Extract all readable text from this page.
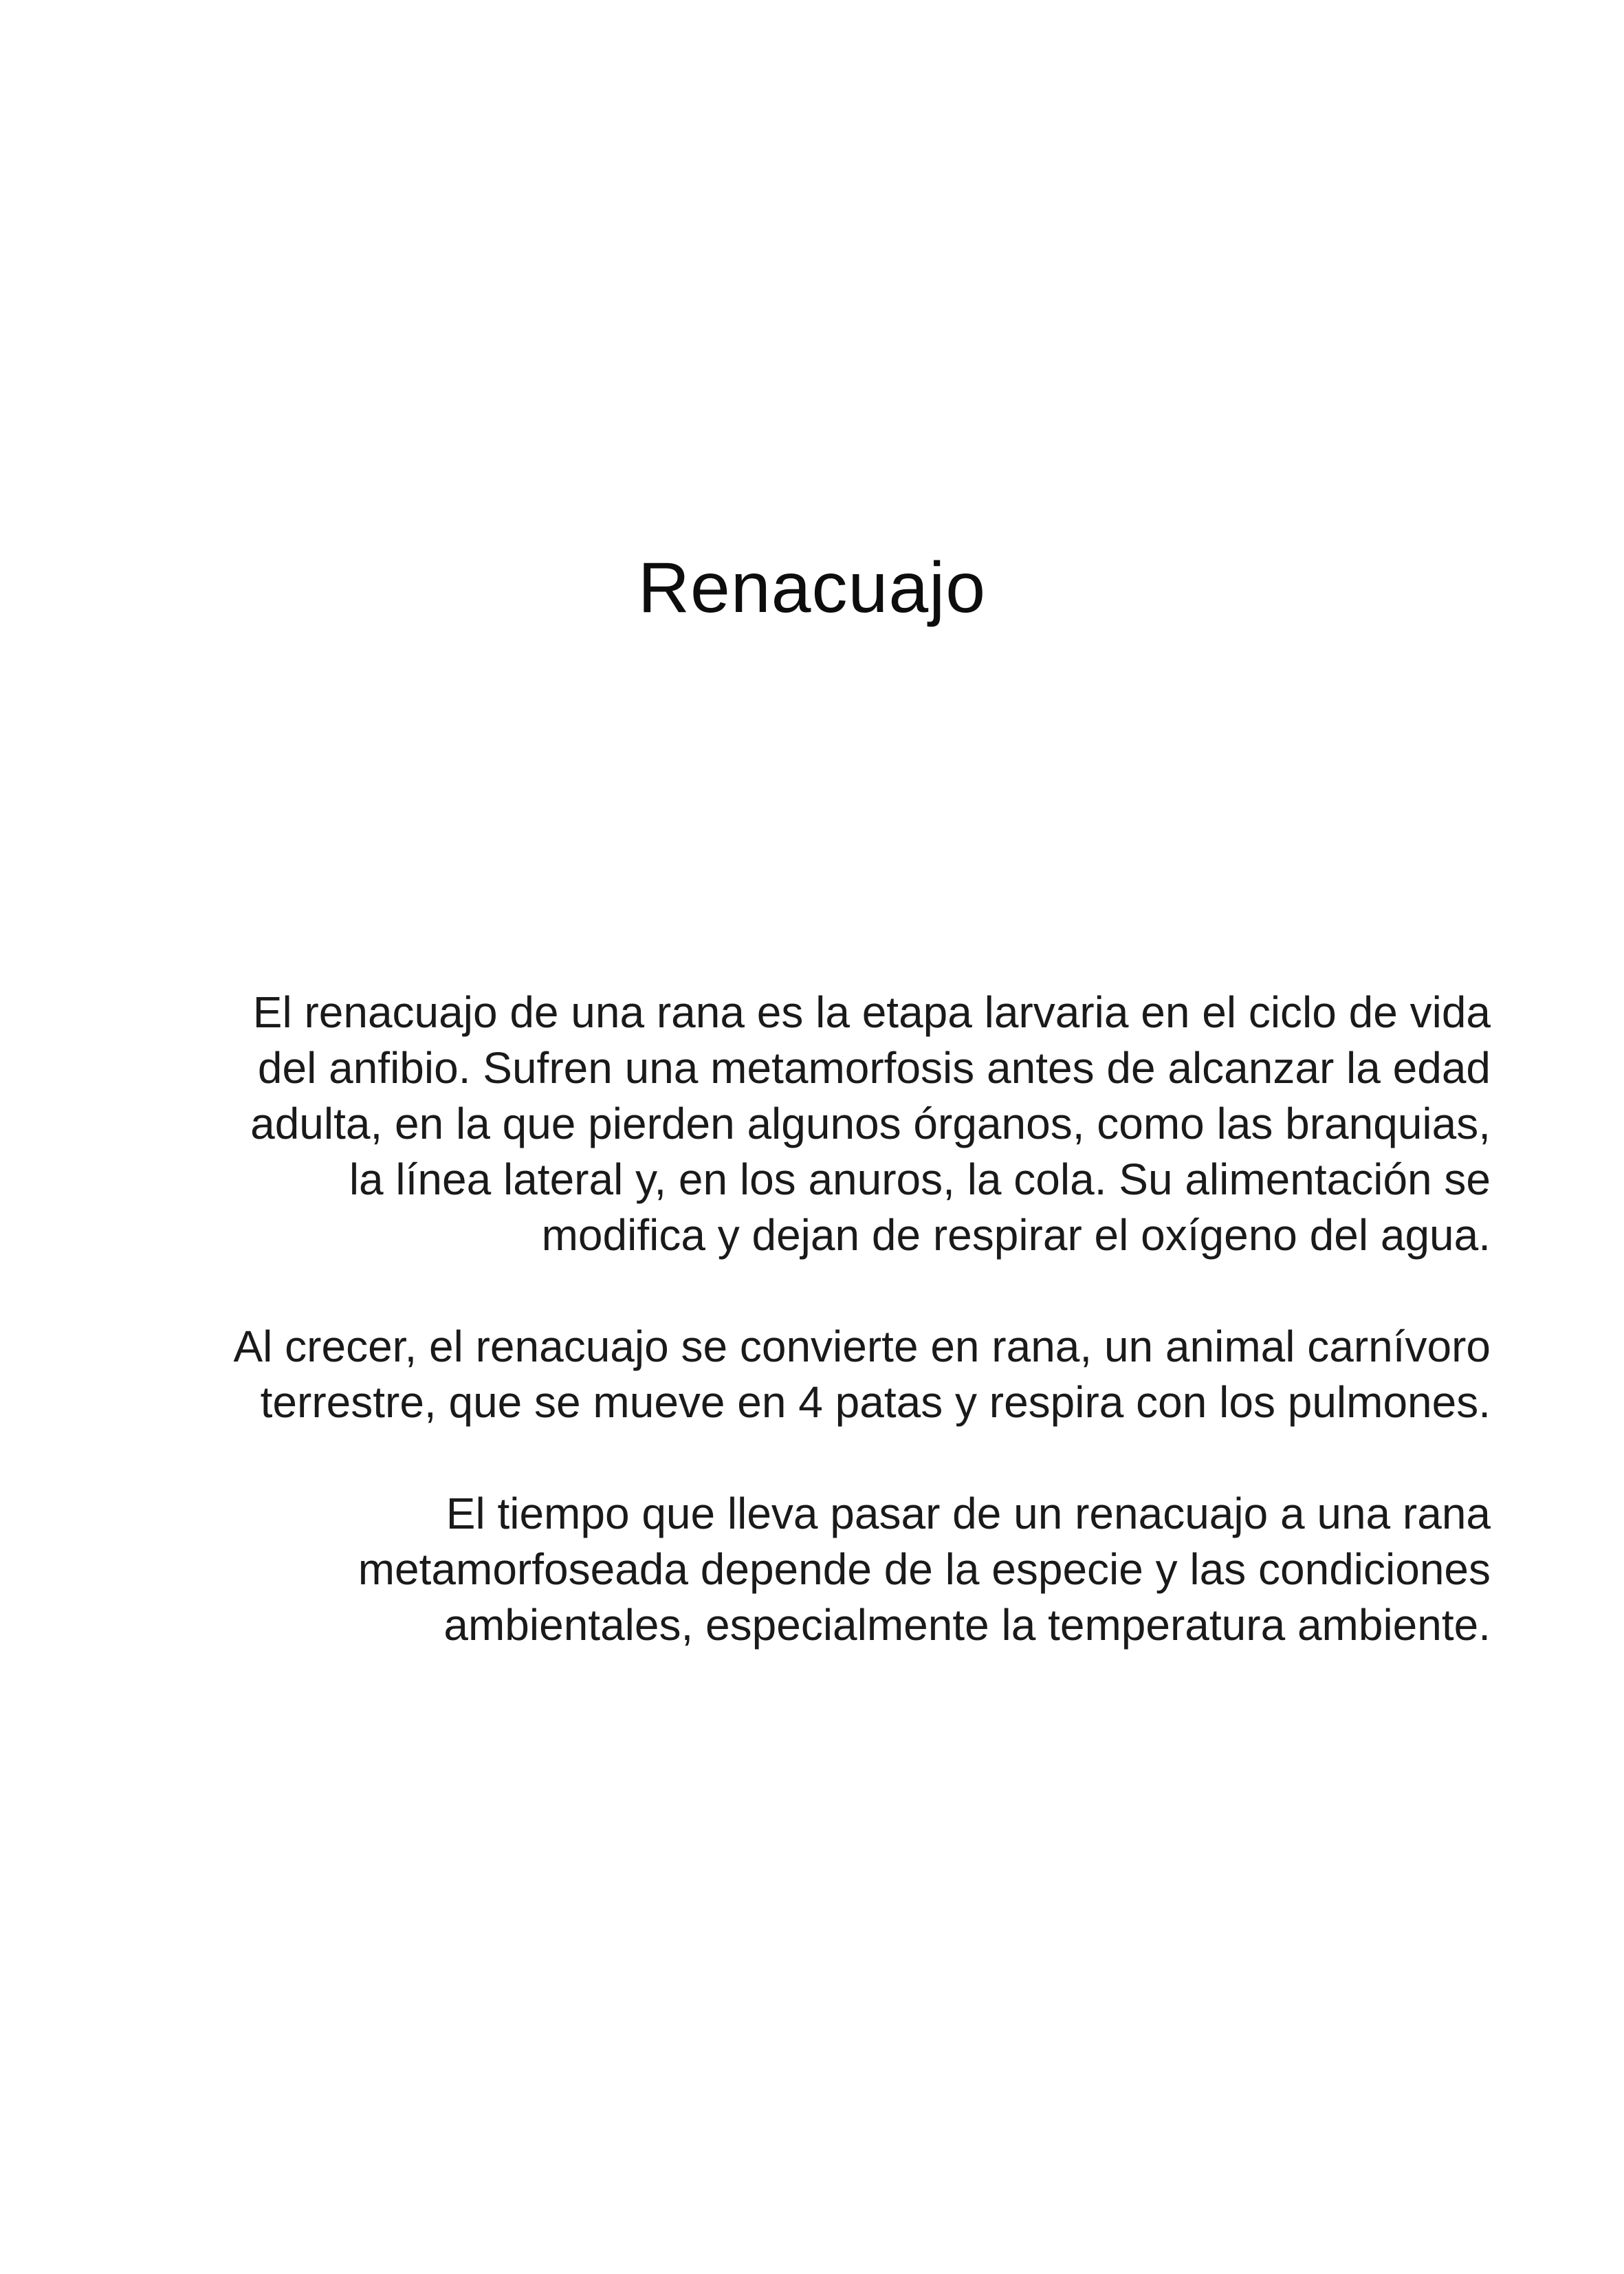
Renacuajo

El renacuajo de una rana es la etapa larvaria en el ciclo de vida
del anfibio. Sufren una metamorfosis antes de alcanzar la edad
adulta, en la que pierden algunos órganos, como las branquias,
la línea lateral y, en los anuros, la cola. Su alimentación se
modifica y dejan de respirar el oxígeno del agua.

Al crecer, el renacuajo se convierte en rana, un animal carnívoro
terrestre, que se mueve en 4 patas y respira con los pulmones.

El tiempo que lleva pasar de un renacuajo a una rana
metamorfoseada depende de la especie y las condiciones
ambientales, especialmente la temperatura ambiente.
